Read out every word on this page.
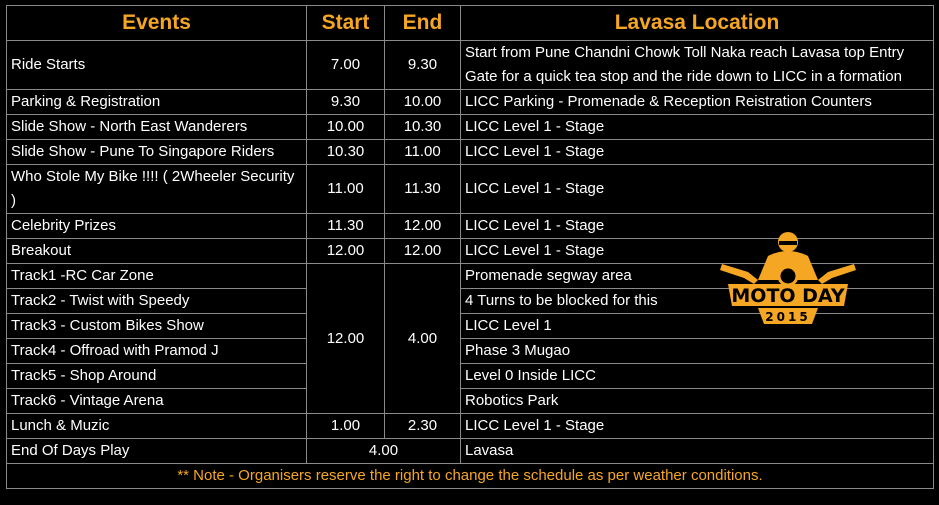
Events	Start	End	Lavasa Location
Ride Starts	7.00	9.30	Start from Pune Chandni Chowk Toll Naka reach Lavasa top Entry Gate for a quick tea stop and the ride down to LICC in a formation
Parking & Registration	9.30	10.00	LICC Parking - Promenade & Reception Reistration Counters
Slide Show - North East Wanderers	10.00	10.30	LICC Level 1 - Stage
Slide Show - Pune To Singapore Riders	10.30	11.00	LICC Level 1 - Stage
Who Stole My Bike !!!! ( 2Wheeler Security )	11.00	11.30	LICC Level 1 - Stage
Celebrity Prizes	11.30	12.00	LICC Level 1 - Stage
Breakout	12.00	12.00	LICC Level 1 - Stage
Track1 -RC Car Zone	12.00	4.00	Promenade segway area
Track2 - Twist with Speedy			4 Turns to be blocked for this
Track3 - Custom Bikes Show			LICC Level 1
Track4 - Offroad with Pramod J			Phase 3 Mugao
Track5 - Shop Around			Level 0 Inside LICC
Track6 - Vintage Arena			Robotics Park
Lunch & Muzic	1.00	2.30	LICC Level 1 - Stage
End Of Days Play	4.00		Lavasa
** Note - Organisers reserve the right to change the schedule as per weather conditions.			
MOTO DAY
2015
